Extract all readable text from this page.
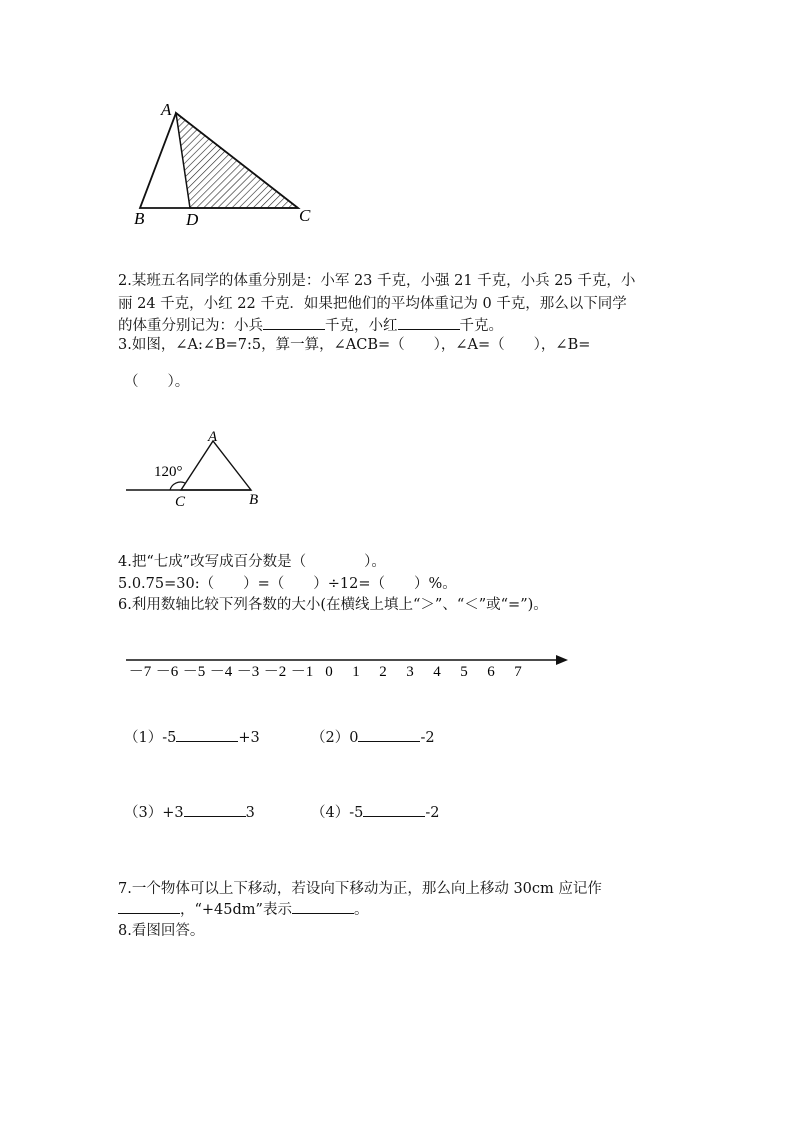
A
B D	C
2.某班五名同学的体重分别是：小军 23 千克，小强 21 千克，小兵 25 千克，小
丽 24 千克，小红 22 千克．如果把他们的平均体重记为 0 千克，那么以下同学
的体重分别记为：小兵	千克，小红	千克。
3.如图，∠A:∠B=7:5，算一算，∠ACB=（　　），∠A=（　　），∠B=
（　　）。
120°
A
C	B
4.把“七成”改写成百分数是（　　　　）。
5.0.75=30:（　　）=（　　）÷12=（　　）%。
6.利用数轴比较下列各数的大小(在横线上填上“＞”、“＜”或“=”)。
－7 －6 －5 －4 －3 －2 －1 0 1 2 3 4 5 6 7
（1）-5	+3	（2）0	-2
（3）+3	3	（4）-5	-2
7.一个物体可以上下移动，若设向下移动为正，那么向上移动 30cm 应记作
，“+45dm”表示	。
8.看图回答。
